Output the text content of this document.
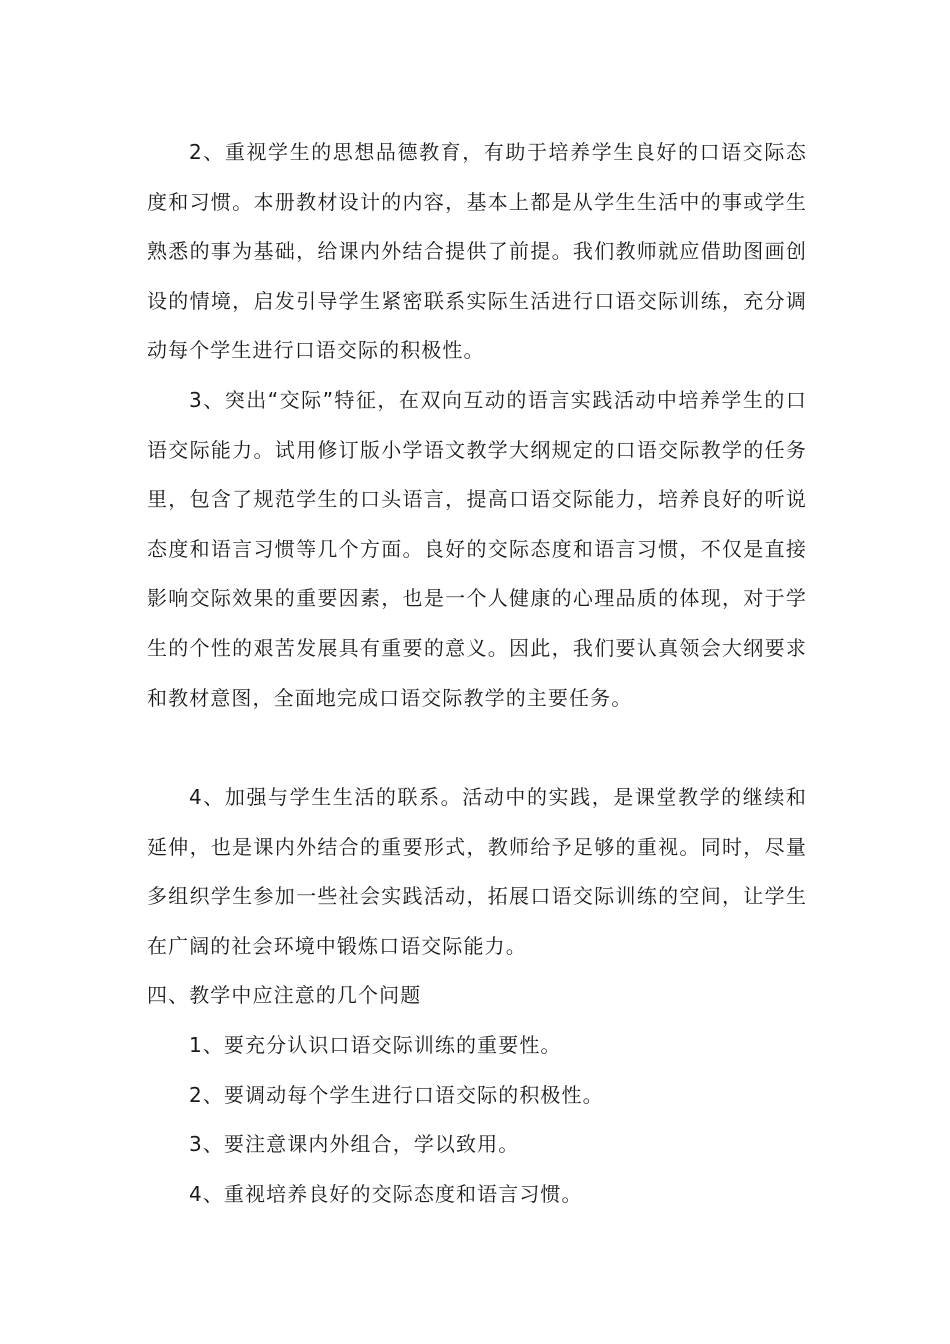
2、重视学生的思想品德教育，有助于培养学生良好的口语交际态度和习惯。本册教材设计的内容，基本上都是从学生生活中的事或学生熟悉的事为基础，给课内外结合提供了前提。我们教师就应借助图画创设的情境，启发引导学生紧密联系实际生活进行口语交际训练，充分调动每个学生进行口语交际的积极性。

3、突出“交际”特征，在双向互动的语言实践活动中培养学生的口语交际能力。试用修订版小学语文教学大纲规定的口语交际教学的任务里，包含了规范学生的口头语言，提高口语交际能力，培养良好的听说态度和语言习惯等几个方面。良好的交际态度和语言习惯，不仅是直接影响交际效果的重要因素，也是一个人健康的心理品质的体现，对于学生的个性的艰苦发展具有重要的意义。因此，我们要认真领会大纲要求和教材意图，全面地完成口语交际教学的主要任务。

4、加强与学生生活的联系。活动中的实践，是课堂教学的继续和延伸，也是课内外结合的重要形式，教师给予足够的重视。同时，尽量多组织学生参加一些社会实践活动，拓展口语交际训练的空间，让学生在广阔的社会环境中锻炼口语交际能力。

四、教学中应注意的几个问题

1、要充分认识口语交际训练的重要性。

2、要调动每个学生进行口语交际的积极性。

3、要注意课内外组合，学以致用。

4、重视培养良好的交际态度和语言习惯。
